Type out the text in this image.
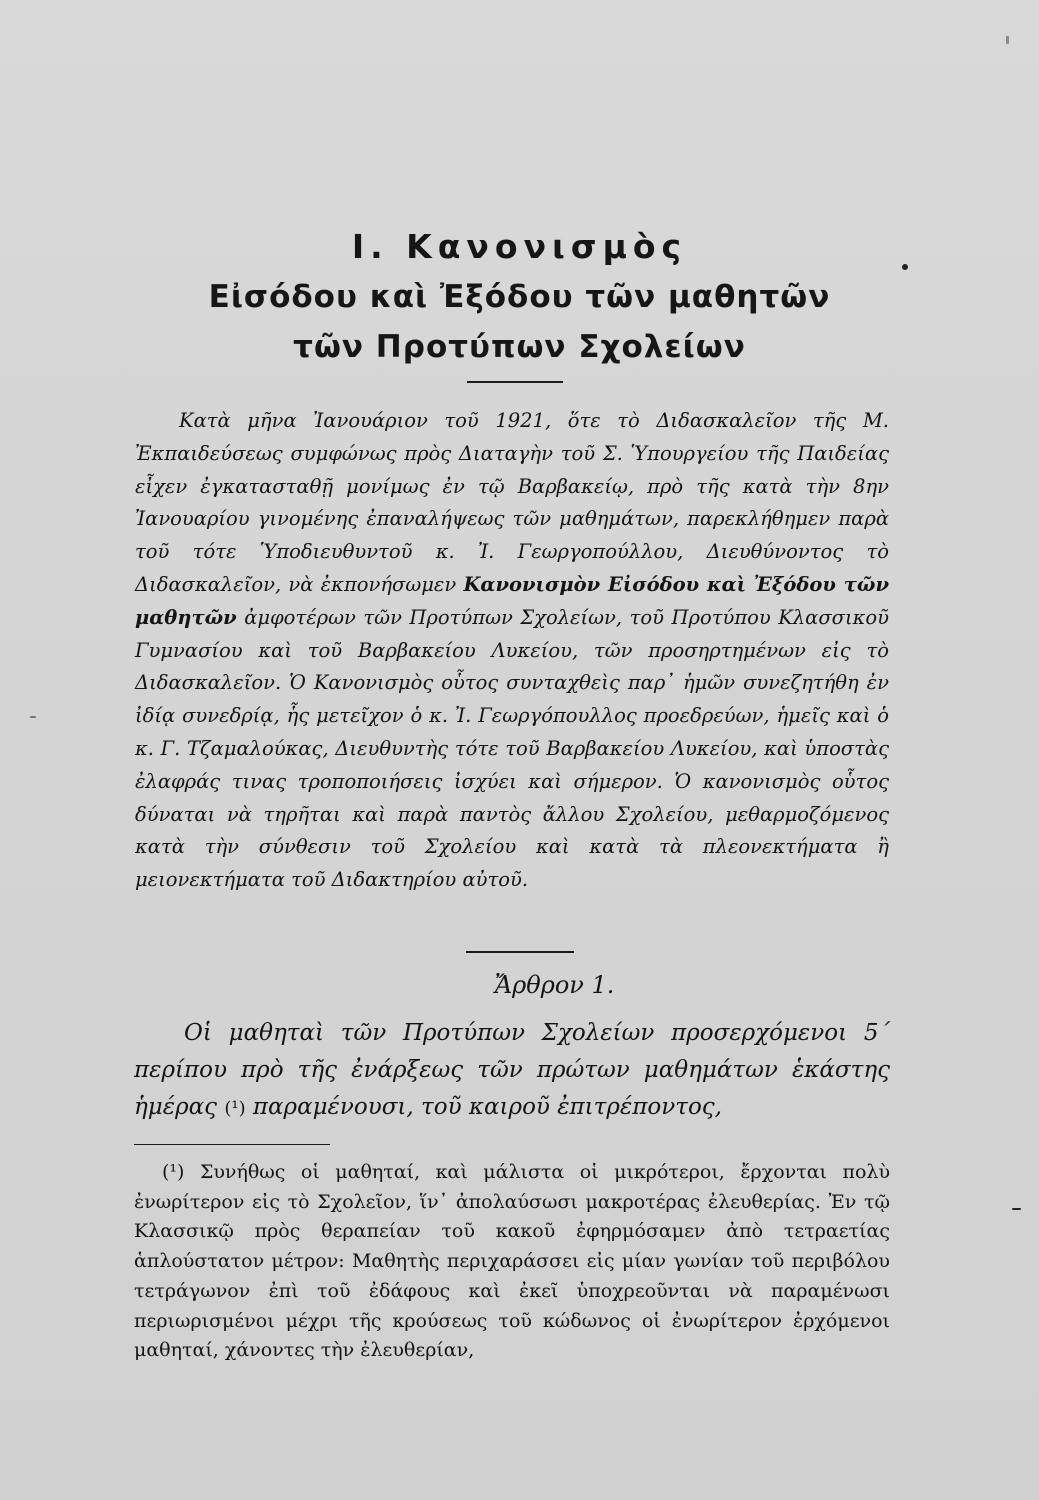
I. Κανονισμὸς
Εἰσόδου καὶ Ἐξόδου τῶν μαθητῶν
τῶν Προτύπων Σχολείων

Κατὰ μῆνα Ἰανουάριον τοῦ 1921, ὅτε τὸ Διδασκαλεῖον τῆς Μ. Ἐκπαιδεύσεως συμφώνως πρὸς Διαταγὴν τοῦ Σ. Ὑπουργείου τῆς Παιδείας εἶχεν ἐγκατασταθῇ μονίμως ἐν τῷ Βαρβακείῳ, πρὸ τῆς κατὰ τὴν 8ην Ἰανουαρίου γινομένης ἐπαναλήψεως τῶν μαθημάτων, παρεκλήθημεν παρὰ τοῦ τότε Ὑποδιευθυντοῦ κ. Ἰ. Γεωργοπούλλου, Διευθύνοντος τὸ Διδασκαλεῖον, νὰ ἐκπονήσωμεν Κανονισμὸν Εἰσόδου καὶ Ἐξόδου τῶν μαθητῶν ἀμφοτέρων τῶν Προτύπων Σχολείων, τοῦ Προτύπου Κλασσικοῦ Γυμνασίου καὶ τοῦ Βαρβακείου Λυκείου, τῶν προσηρτημένων εἰς τὸ Διδασκαλεῖον. Ὁ Κανονισμὸς οὗτος συνταχθεὶς παρ᾿ ἡμῶν συνεζητήθη ἐν ἰδίᾳ συνεδρίᾳ, ἧς μετεῖχον ὁ κ. Ἰ. Γεωργόπουλλος προεδρεύων, ἡμεῖς καὶ ὁ κ. Γ. Τζαμαλούκας, Διευθυντὴς τότε τοῦ Βαρβακείου Λυκείου, καὶ ὑποστὰς ἐλαφράς τινας τροποποιήσεις ἰσχύει καὶ σήμερον. Ὁ κανονισμὸς οὗτος δύναται νὰ τηρῆται καὶ παρὰ παντὸς ἄλλου Σχολείου, μεθαρμοζόμενος κατὰ τὴν σύνθεσιν τοῦ Σχολείου καὶ κατὰ τὰ πλεονεκτήματα ἢ μειονεκτήματα τοῦ Διδακτηρίου αὐτοῦ.

Ἄρθρον 1.

Οἱ μαθηταὶ τῶν Προτύπων Σχολείων προσερχόμενοι 5΄ περίπου πρὸ τῆς ἐνάρξεως τῶν πρώτων μαθημάτων ἑκάστης ἡμέρας (¹) παραμένουσι, τοῦ καιροῦ ἐπιτρέποντος,

(¹) Συνήθως οἱ μαθηταί, καὶ μάλιστα οἱ μικρότεροι, ἔρχονται πολὺ ἐνωρίτερον εἰς τὸ Σχολεῖον, ἵν᾿ ἀπολαύσωσι μακροτέρας ἐλευθερίας. Ἐν τῷ Κλασσικῷ πρὸς θεραπείαν τοῦ κακοῦ ἐφηρμόσαμεν ἀπὸ τετραετίας ἁπλούστατον μέτρον: Μαθητὴς περιχαράσσει εἰς μίαν γωνίαν τοῦ περιβόλου τετράγωνον ἐπὶ τοῦ ἐδάφους καὶ ἐκεῖ ὑποχρεοῦνται νὰ παραμένωσι περιωρισμένοι μέχρι τῆς κρούσεως τοῦ κώδωνος οἱ ἐνωρίτερον ἐρχόμενοι μαθηταί, χάνοντες τὴν ἐλευθερίαν,
